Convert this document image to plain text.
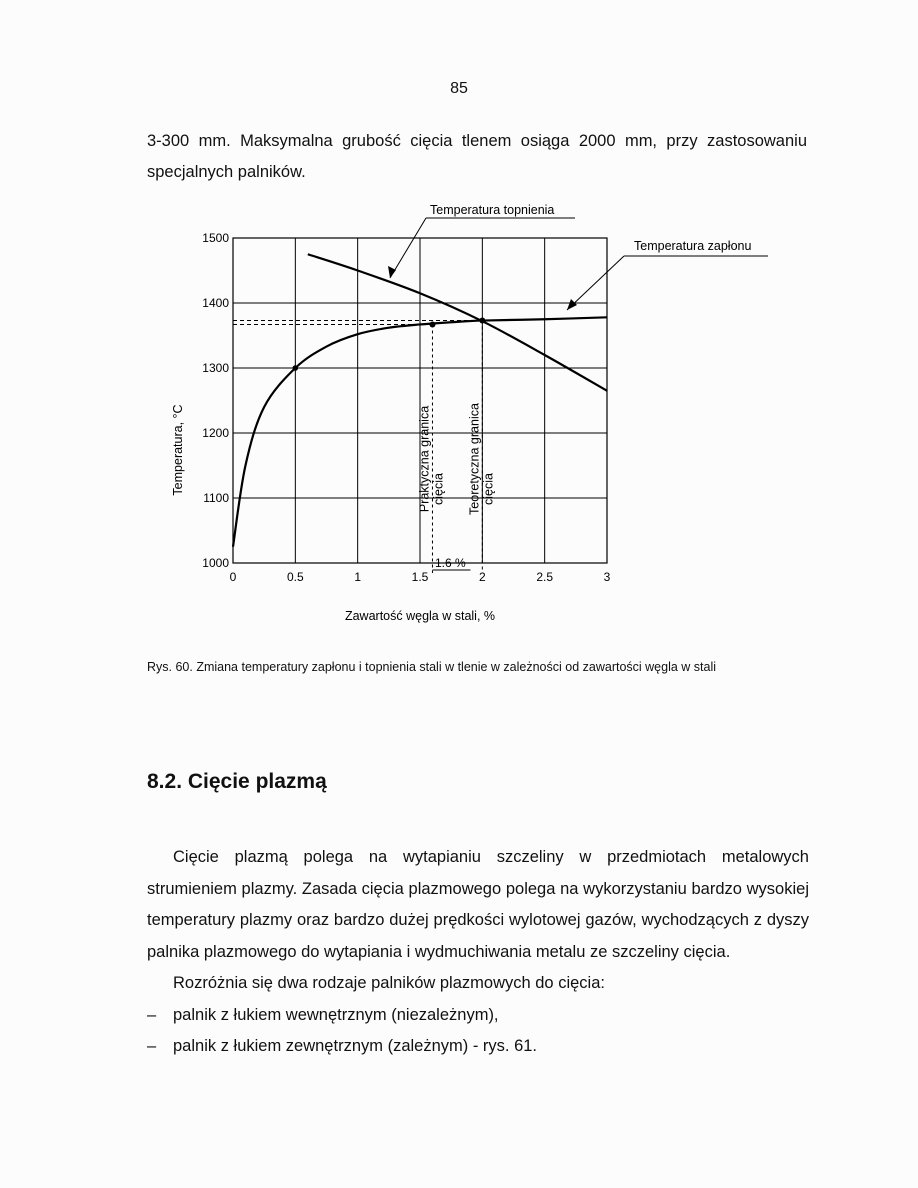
85

3-300 mm. Maksymalna grubość cięcia tlenem osiąga 2000 mm, przy zastosowaniu specjalnych palników.

0	0.5	1	1.5	2	2.5	3
1000
1100
1200
1300
1400
1500
Praktyczna granica cięcia Teoretyczna granica cięcia
Zawartość węgla w stali, %
Temperatura, °C
Temperatura topnienia
Temperatura zapłonu
1.6 %

Rys. 60. Zmiana temperatury zapłonu i topnienia stali w tlenie w zależności od zawartości węgla w stali

8.2. Cięcie plazmą

Cięcie plazmą polega na wytapianiu szczeliny w przedmiotach metalowych strumieniem plazmy. Zasada cięcia plazmowego polega na wykorzystaniu bardzo wysokiej temperatury plazmy oraz bardzo dużej prędkości wylotowej gazów, wychodzących z dyszy palnika plazmowego do wytapiania i wydmuchiwania metalu ze szczeliny cięcia.

Rozróżnia się dwa rodzaje palników plazmowych do cięcia:

– palnik z łukiem wewnętrznym (niezależnym),
– palnik z łukiem zewnętrznym (zależnym) - rys. 61.
